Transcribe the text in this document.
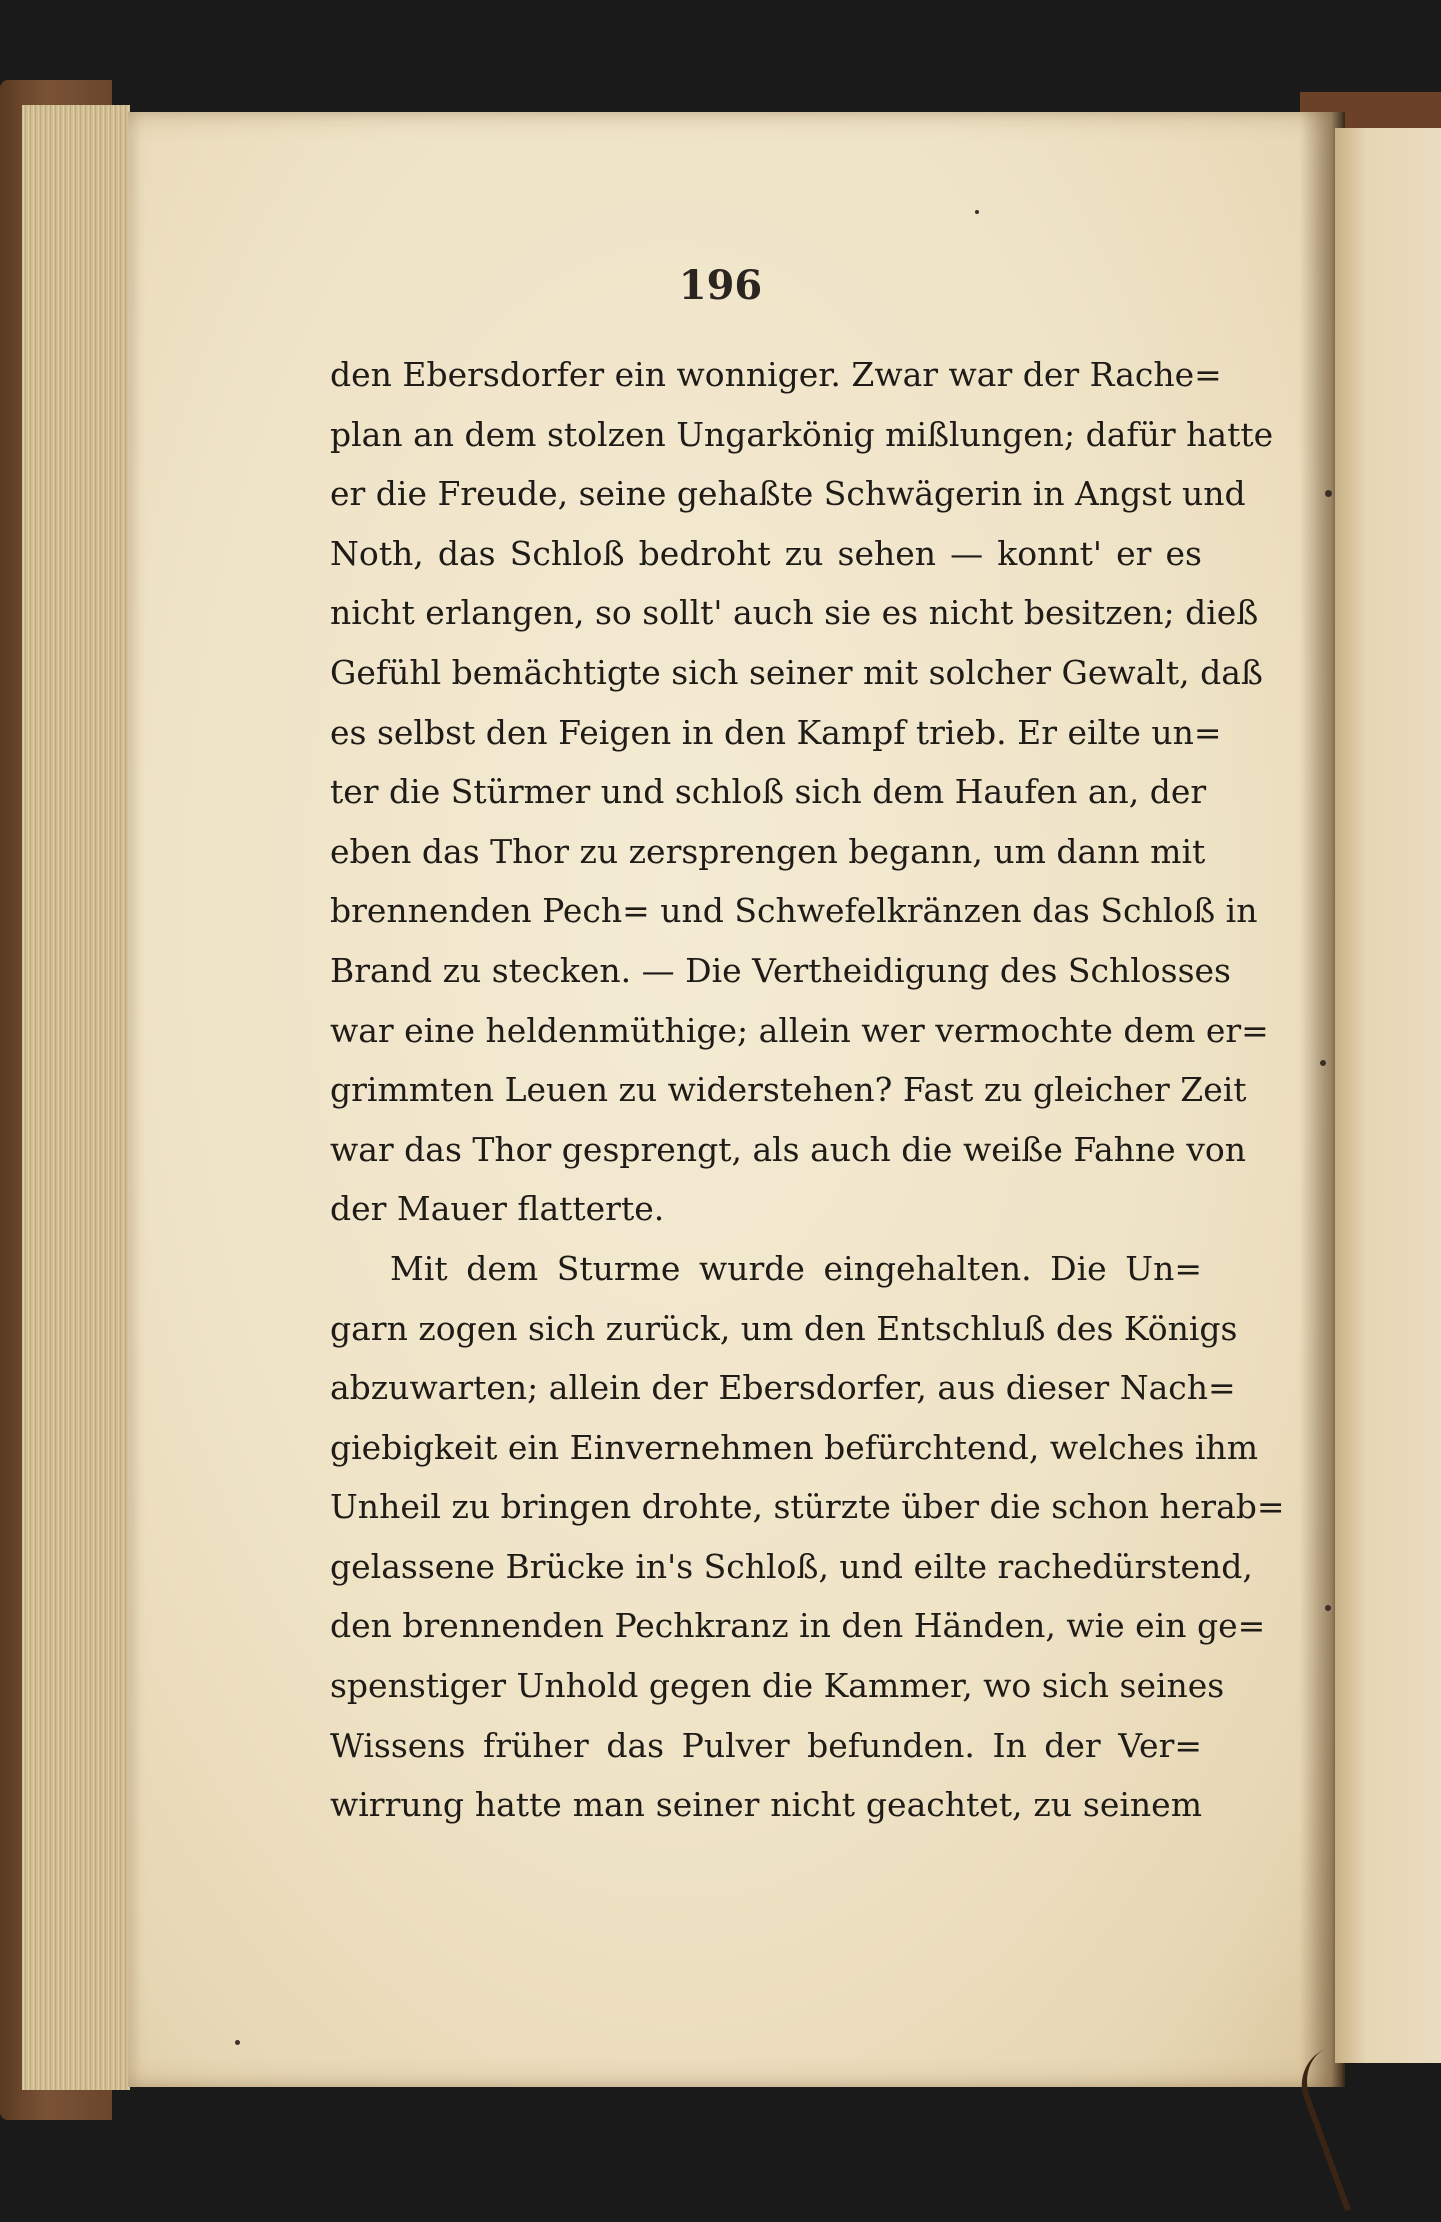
196
den Ebersdorfer ein wonniger. Zwar war der Rache=
plan an dem stolzen Ungarkönig mißlungen; dafür hatte
er die Freude, seine gehaßte Schwägerin in Angst und
Noth, das Schloß bedroht zu sehen — konnt' er es
nicht erlangen, so sollt' auch sie es nicht besitzen; dieß
Gefühl bemächtigte sich seiner mit solcher Gewalt, daß
es selbst den Feigen in den Kampf trieb. Er eilte un=
ter die Stürmer und schloß sich dem Haufen an, der
eben das Thor zu zersprengen begann, um dann mit
brennenden Pech= und Schwefelkränzen das Schloß in
Brand zu stecken. — Die Vertheidigung des Schlosses
war eine heldenmüthige; allein wer vermochte dem er=
grimmten Leuen zu widerstehen? Fast zu gleicher Zeit
war das Thor gesprengt, als auch die weiße Fahne von
der Mauer flatterte.
Mit dem Sturme wurde eingehalten. Die Un=
garn zogen sich zurück, um den Entschluß des Königs
abzuwarten; allein der Ebersdorfer, aus dieser Nach=
giebigkeit ein Einvernehmen befürchtend, welches ihm
Unheil zu bringen drohte, stürzte über die schon herab=
gelassene Brücke in's Schloß, und eilte rachedürstend,
den brennenden Pechkranz in den Händen, wie ein ge=
spenstiger Unhold gegen die Kammer, wo sich seines
Wissens früher das Pulver befunden. In der Ver=
wirrung hatte man seiner nicht geachtet, zu seinem
